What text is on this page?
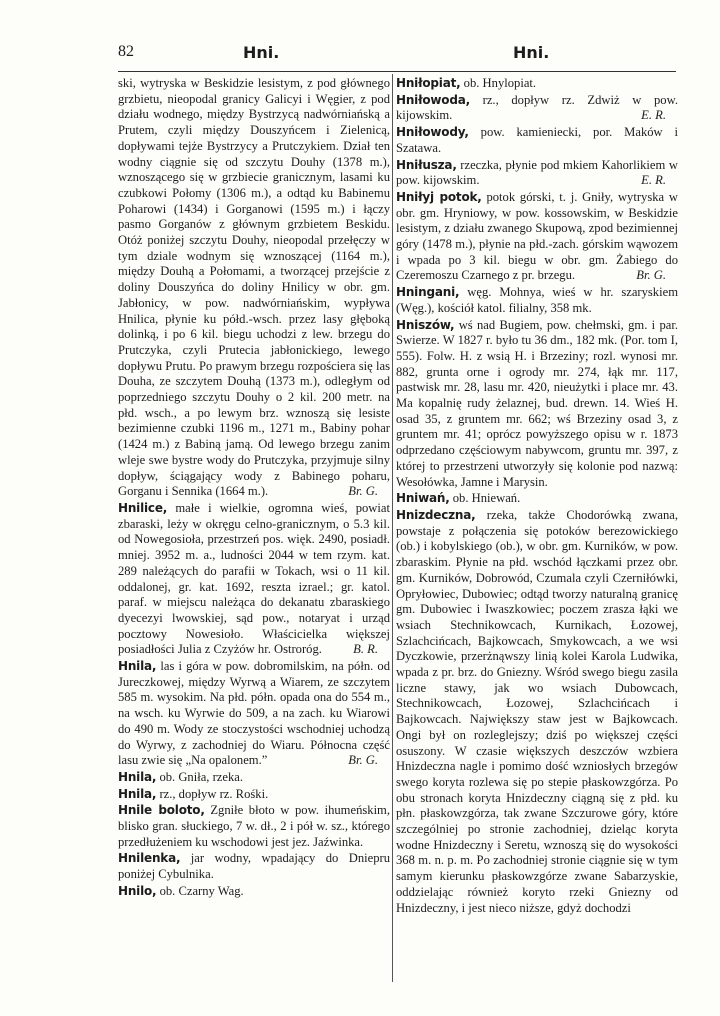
82	Hni.	Hni.

ski, wytryska w Beskidzie lesistym, z pod głównego grzbietu, nieopodal granicy Galicyi i Węgier, z pod działu wodnego, między Bystrzycą nadwórniańską a Prutem, czyli między Douszyńcem i Zielenicą, dopływami tejże Bystrzycy a Prutczykiem. Dział ten wodny ciągnie się od szczytu Douhy (1378 m.), wznoszącego się w grzbiecie granicznym, lasami ku czubkowi Połomy (1306 m.), a odtąd ku Babinemu Poharowi (1434) i Gorganowi (1595 m.) i łączy pasmo Gorganów z głównym grzbietem Beskidu. Otóż poniżej szczytu Douhy, nieopodal przełęczy w tym dziale wodnym się wznoszącej (1164 m.), między Douhą a Połomami, a tworzącej przejście z doliny Douszyńca do doliny Hnilicy w obr. gm. Jabłonicy, w pow. nadwórniańskim, wypływa Hnilica, płynie ku półd.-wsch. przez lasy głęboką dolinką, i po 6 kil. biegu uchodzi z lew. brzegu do Prutczyka, czyli Prutecia jabłonickiego, lewego dopływu Prutu. Po prawym brzegu rozpościera się las Douha, ze szczytem Douhą (1373 m.), odległym od poprzedniego szczytu Douhy o 2 kil. 200 metr. na płd. wsch., a po lewym brz. wznoszą się lesiste bezimienne czubki 1196 m., 1271 m., Babiny pohar (1424 m.) z Babiną jamą. Od lewego brzegu zanim wleje swe bystre wody do Prutczyka, przyjmuje silny dopływ, ściągający wody z Babinego poharu, Gorganu i Sennika (1664 m.).	Br. G.

Hnilice, małe i wielkie, ogromna wieś, powiat zbaraski, leży w okręgu celno-granicznym, o 5.3 kil. od Nowegosioła, przestrzeń pos. więk. 2490, posiadł. mniej. 3952 m. a., ludności 2044 w tem rzym. kat. 289 należących do parafii w Tokach, wsi o 11 kil. oddalonej, gr. kat. 1692, reszta izrael.; gr. katol. paraf. w miejscu należąca do dekanatu zbaraskiego dyecezyi lwowskiej, sąd pow., notaryat i urząd pocztowy Nowesioło. Właścicielka większej posiadłości Julia z Czyżów hr. Ostroróg. B. R.

Hnila, las i góra w pow. dobromilskim, na półn. od Jureczkowej, między Wyrwą a Wiarem, ze szczytem 585 m. wysokim. Na płd. półn. opada ona do 554 m., na wsch. ku Wyrwie do 509, a na zach. ku Wiarowi do 490 m. Wody ze stoczystości wschodniej uchodzą do Wyrwy, z zachodniej do Wiaru. Północna część lasu zwie się „Na opalonem.”	Br. G.

Hnila, ob. Gniła, rzeka.

Hnila, rz., dopływ rz. Rośki.

Hnile boloto, Zgniłe błoto w pow. ihumeńskim, blisko gran. słuckiego, 7 w. dł., 2 i pół w. sz., którego przedłużeniem ku wschodowi jest jez. Jaźwinka.

Hnilenka, jar wodny, wpadający do Dniepru poniżej Cybulnika.

Hnilo, ob. Czarny Wag.

Hniłopiat, ob. Hnylopiat.

Hniłowoda, rz., dopływ rz. Zdwiż w pow. kijowskim.	E. R.

Hniłowody, pow. kamieniecki, por. Maków i Szatawa.

Hniłusza, rzeczka, płynie pod mkiem Kahorlikiem w pow. kijowskim.	E. R.

Hniłyj potok, potok górski, t. j. Gniły, wytryska w obr. gm. Hryniowy, w pow. kossowskim, w Beskidzie lesistym, z działu zwanego Skupową, zpod bezimiennej góry (1478 m.), płynie na płd.-zach. górskim wąwozem i wpada po 3 kil. biegu w obr. gm. Żabiego do Czeremoszu Czarnego z pr. brzegu.	Br. G.

Hningani, węg. Mohnya, wieś w hr. szaryskiem (Węg.), kościół katol. filialny, 358 mk.

Hniszów, wś nad Bugiem, pow. chełmski, gm. i par. Swierze. W 1827 r. było tu 36 dm., 182 mk. (Por. tom I, 555). Folw. H. z wsią H. i Brzeziny; rozl. wynosi mr. 882, grunta orne i ogrody mr. 274, łąk mr. 117, pastwisk mr. 28, lasu mr. 420, nieużytki i place mr. 43. Ma kopalnię rudy żelaznej, bud. drewn. 14. Wieś H. osad 35, z gruntem mr. 662; wś Brzeziny osad 3, z gruntem mr. 41; oprócz powyższego opisu w r. 1873 odprzedano częściowym nabywcom, gruntu mr. 397, z której to przestrzeni utworzyły się kolonie pod nazwą: Wesołówka, Jamne i Marysin.

Hniwań, ob. Hniewań.

Hnizdeczna, rzeka, także Chodorówką zwana, powstaje z połączenia się potoków berezowickiego (ob.) i kobylskiego (ob.), w obr. gm. Kurników, w pow. zbaraskim. Płynie na płd. wschód łączkami przez obr. gm. Kurników, Dobrowód, Czumala czyli Czerniłówki, Opryłowiec, Dubowiec; odtąd tworzy naturalną granicę gm. Dubowiec i Iwaszkowiec; poczem zrasza łąki we wsiach Stechnikowcach, Kurnikach, Łozowej, Szlachcińcach, Bajkowcach, Smykowcach, a we wsi Dyczkowie, przerżnąwszy linią kolei Karola Ludwika, wpada z pr. brz. do Gniezny. Wśród swego biegu zasila liczne stawy, jak wo wsiach Dubowcach, Stechnikowcach, Łozowej, Szlachcińcach i Bajkowcach. Największy staw jest w Bajkowcach. Ongi był on rozleglejszy; dziś po większej części osuszony. W czasie większych deszczów wzbiera Hnizdeczna nagle i pomimo dość wzniosłych brzegów swego koryta rozlewa się po stepie płaskowzgórza. Po obu stronach koryta Hnizdeczny ciągną się z płd. ku płn. płaskowzgórza, tak zwane Szczurowe góry, które szczególniej po stronie zachodniej, dzieląc koryta wodne Hnizdeczny i Seretu, wznoszą się do wysokości 368 m. n. p. m. Po zachodniej stronie ciągnie się w tym samym kierunku płaskowzgórze zwane Sabarzyskie, oddzielając również koryto rzeki Gniezny od Hnizdeczny, i jest nieco niższe, gdyż dochodzi
